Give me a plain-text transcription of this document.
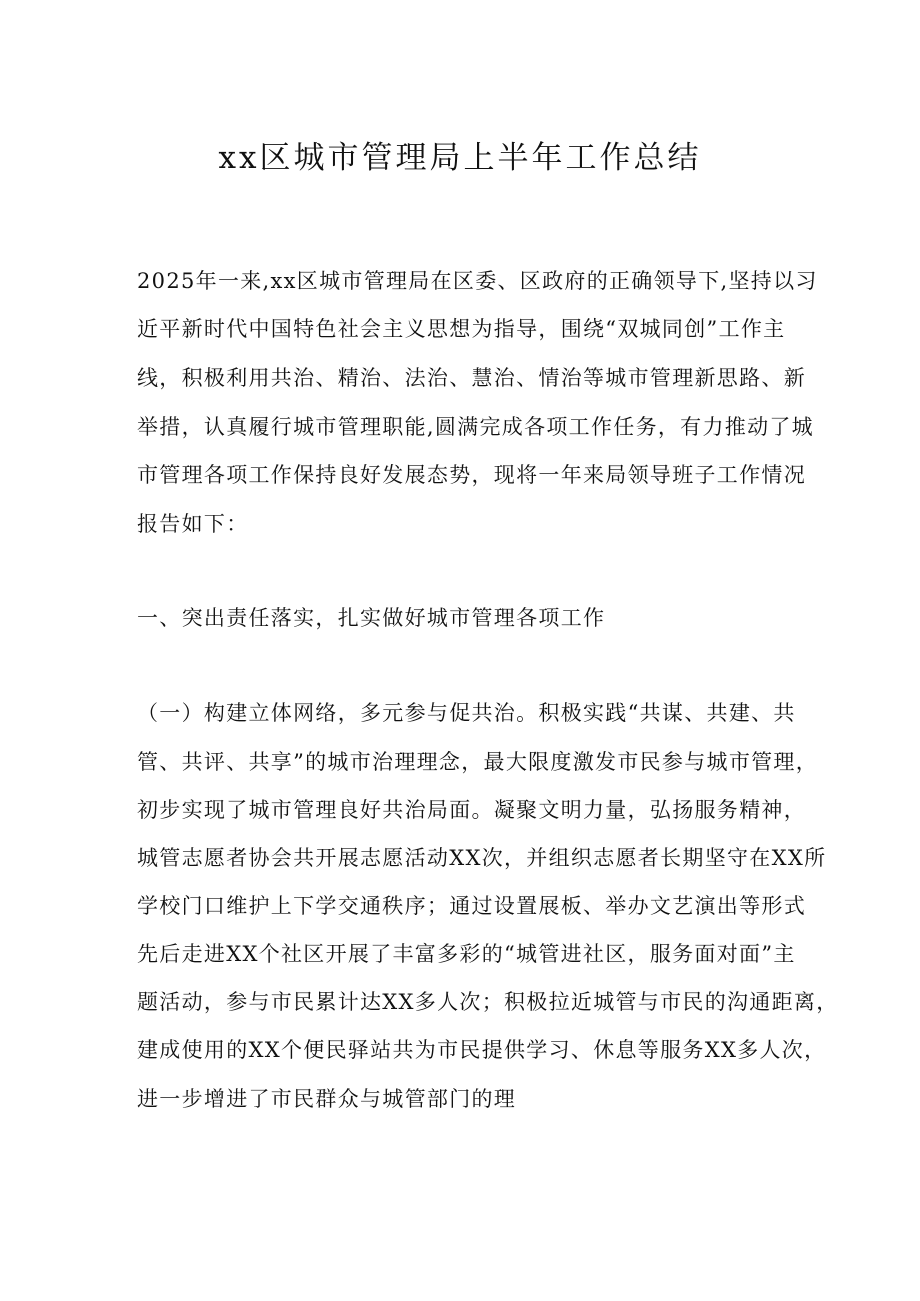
xx区城市管理局上半年工作总结

2025年一来,xx区城市管理局在区委、区政府的正确领导下,坚持以习

近平新时代中国特色社会主义思想为指导，围绕“双城同创”工作主

线，积极利用共治、精治、法治、慧治、情治等城市管理新思路、新

举措，认真履行城市管理职能,圆满完成各项工作任务，有力推动了城

市管理各项工作保持良好发展态势，现将一年来局领导班子工作情况

报告如下：

一、突出责任落实，扎实做好城市管理各项工作

（一）构建立体网络，多元参与促共治。积极实践“共谋、共建、共

管、共评、共享”的城市治理理念，最大限度激发市民参与城市管理，

初步实现了城市管理良好共治局面。凝聚文明力量，弘扬服务精神，

城管志愿者协会共开展志愿活动XX次，并组织志愿者长期坚守在XX所

学校门口维护上下学交通秩序；通过设置展板、举办文艺演出等形式

先后走进XX个社区开展了丰富多彩的“城管进社区，服务面对面”主

题活动，参与市民累计达XX多人次；积极拉近城管与市民的沟通距离，

建成使用的XX个便民驿站共为市民提供学习、休息等服务XX多人次，

进一步增进了市民群众与城管部门的理
